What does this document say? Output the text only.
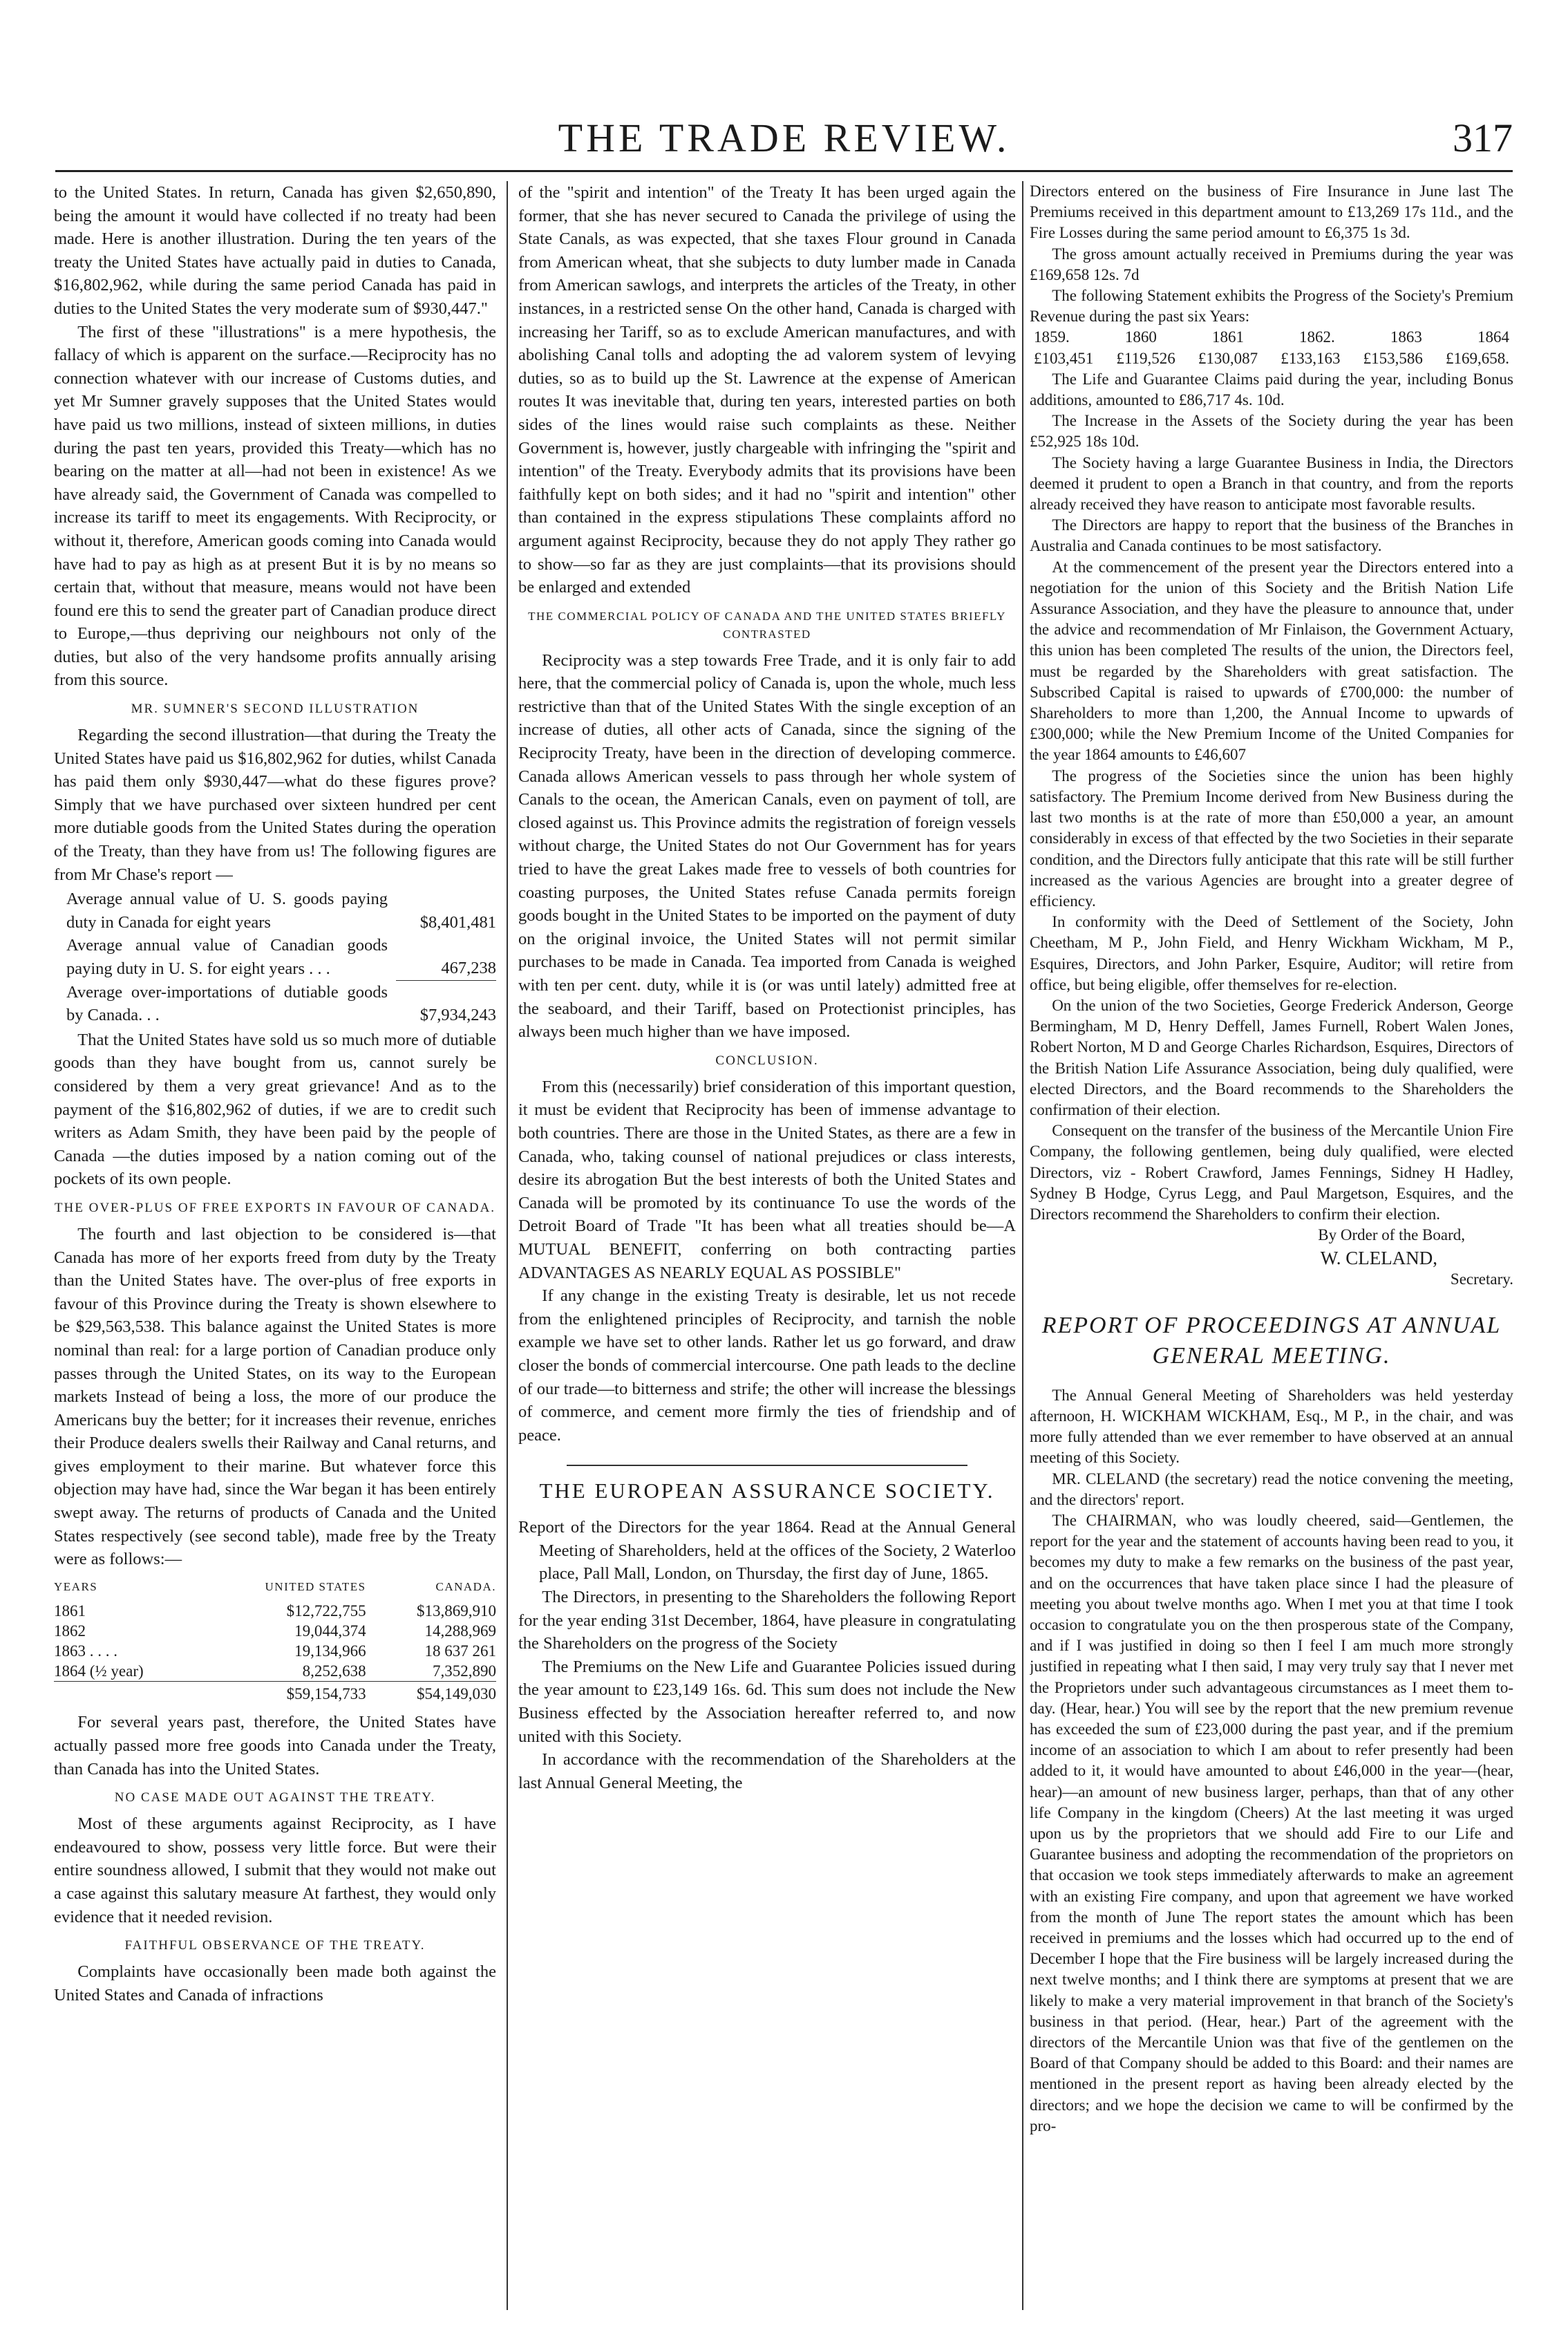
THE TRADE REVIEW.	317

to the United States. In return, Canada has given $2,650,890, being the amount it would have collected if no treaty had been made. Here is another illustration. During the ten years of the treaty the United States have actually paid in duties to Canada, $16,802,962, while during the same period Canada has paid in duties to the United States the very moderate sum of $930,447."

The first of these "illustrations" is a mere hypothesis, the fallacy of which is apparent on the surface.—Reciprocity has no connection whatever with our increase of Customs duties, and yet Mr Sumner gravely supposes that the United States would have paid us two millions, instead of sixteen millions, in duties during the past ten years, provided this Treaty—which has no bearing on the matter at all—had not been in existence! As we have already said, the Government of Canada was compelled to increase its tariff to meet its engagements. With Reciprocity, or without it, therefore, American goods coming into Canada would have had to pay as high as at present But it is by no means so certain that, without that measure, means would not have been found ere this to send the greater part of Canadian produce direct to Europe,—thus depriving our neighbours not only of the duties, but also of the very handsome profits annually arising from this source.

MR. SUMNER'S SECOND ILLUSTRATION

Regarding the second illustration—that during the Treaty the United States have paid us $16,802,962 for duties, whilst Canada has paid them only $930,447—what do these figures prove? Simply that we have purchased over sixteen hundred per cent more dutiable goods from the United States during the operation of the Treaty, than they have from us! The following figures are from Mr Chase's report —

Average annual value of U. S. goods paying duty in Canada for eight years	$8,401,481
Average annual value of Canadian goods paying duty in U. S. for eight years . . .	467,238
Average over-importations of dutiable goods by Canada. . .	$7,934,243

That the United States have sold us so much more of dutiable goods than they have bought from us, cannot surely be considered by them a very great grievance! And as to the payment of the $16,802,962 of duties, if we are to credit such writers as Adam Smith, they have been paid by the people of Canada —the duties imposed by a nation coming out of the pockets of its own people.

THE OVER-PLUS OF FREE EXPORTS IN FAVOUR OF CANADA.

The fourth and last objection to be considered is—that Canada has more of her exports freed from duty by the Treaty than the United States have. The over-plus of free exports in favour of this Province during the Treaty is shown elsewhere to be $29,563,538. This balance against the United States is more nominal than real: for a large portion of Canadian produce only passes through the United States, on its way to the European markets Instead of being a loss, the more of our produce the Americans buy the better; for it increases their revenue, enriches their Produce dealers swells their Railway and Canal returns, and gives employment to their marine. But whatever force this objection may have had, since the War began it has been entirely swept away. The returns of products of Canada and the United States respectively (see second table), made free by the Treaty were as follows:—

YEARS	UNITED STATES	CANADA.
1861	$12,722,755	$13,869,910
1862	19,044,374	14,288,969
1863 . . . .	19,134,966	18 637 261
1864 (½ year)	8,252,638	7,352,890
	$59,154,733	$54,149,030

For several years past, therefore, the United States have actually passed more free goods into Canada under the Treaty, than Canada has into the United States.

NO CASE MADE OUT AGAINST THE TREATY.

Most of these arguments against Reciprocity, as I have endeavoured to show, possess very little force. But were their entire soundness allowed, I submit that they would not make out a case against this salutary measure At farthest, they would only evidence that it needed revision.

FAITHFUL OBSERVANCE OF THE TREATY.

Complaints have occasionally been made both against the United States and Canada of infractions

of the "spirit and intention" of the Treaty It has been urged again the former, that she has never secured to Canada the privilege of using the State Canals, as was expected, that she taxes Flour ground in Canada from American wheat, that she subjects to duty lumber made in Canada from American sawlogs, and interprets the articles of the Treaty, in other instances, in a restricted sense On the other hand, Canada is charged with increasing her Tariff, so as to exclude American manufactures, and with abolishing Canal tolls and adopting the ad valorem system of levying duties, so as to build up the St. Lawrence at the expense of American routes It was inevitable that, during ten years, interested parties on both sides of the lines would raise such complaints as these. Neither Government is, however, justly chargeable with infringing the "spirit and intention" of the Treaty. Everybody admits that its provisions have been faithfully kept on both sides; and it had no "spirit and intention" other than contained in the express stipulations These complaints afford no argument against Reciprocity, because they do not apply They rather go to show—so far as they are just complaints—that its provisions should be enlarged and extended

THE COMMERCIAL POLICY OF CANADA AND THE UNITED STATES BRIEFLY CONTRASTED

Reciprocity was a step towards Free Trade, and it is only fair to add here, that the commercial policy of Canada is, upon the whole, much less restrictive than that of the United States With the single exception of an increase of duties, all other acts of Canada, since the signing of the Reciprocity Treaty, have been in the direction of developing commerce. Canada allows American vessels to pass through her whole system of Canals to the ocean, the American Canals, even on payment of toll, are closed against us. This Province admits the registration of foreign vessels without charge, the United States do not Our Government has for years tried to have the great Lakes made free to vessels of both countries for coasting purposes, the United States refuse Canada permits foreign goods bought in the United States to be imported on the payment of duty on the original invoice, the United States will not permit similar purchases to be made in Canada. Tea imported from Canada is weighed with ten per cent. duty, while it is (or was until lately) admitted free at the seaboard, and their Tariff, based on Protectionist principles, has always been much higher than we have imposed.

CONCLUSION.

From this (necessarily) brief consideration of this important question, it must be evident that Reciprocity has been of immense advantage to both countries. There are those in the United States, as there are a few in Canada, who, taking counsel of national prejudices or class interests, desire its abrogation But the best interests of both the United States and Canada will be promoted by its continuance To use the words of the Detroit Board of Trade "It has been what all treaties should be—A MUTUAL BENEFIT, conferring on both contracting parties ADVANTAGES AS NEARLY EQUAL AS POSSIBLE"

If any change in the existing Treaty is desirable, let us not recede from the enlightened principles of Reciprocity, and tarnish the noble example we have set to other lands. Rather let us go forward, and draw closer the bonds of commercial intercourse. One path leads to the decline of our trade—to bitterness and strife; the other will increase the blessings of commerce, and cement more firmly the ties of friendship and of peace.

THE EUROPEAN ASSURANCE SOCIETY.

Report of the Directors for the year 1864. Read at the Annual General Meeting of Shareholders, held at the offices of the Society, 2 Waterloo place, Pall Mall, London, on Thursday, the first day of June, 1865.

The Directors, in presenting to the Shareholders the following Report for the year ending 31st December, 1864, have pleasure in congratulating the Shareholders on the progress of the Society

The Premiums on the New Life and Guarantee Policies issued during the year amount to £23,149 16s. 6d. This sum does not include the New Business effected by the Association hereafter referred to, and now united with this Society.

In accordance with the recommendation of the Shareholders at the last Annual General Meeting, the

Directors entered on the business of Fire Insurance in June last The Premiums received in this department amount to £13,269 17s 11d., and the Fire Losses during the same period amount to £6,375 1s 3d.

The gross amount actually received in Premiums during the year was £169,658 12s. 7d

The following Statement exhibits the Progress of the Society's Premium Revenue during the past six Years:

1859.	1860	1861	1862.	1863	1864
£103,451 £119,526 £130,087 £133,163 £153,586 £169,658.

The Life and Guarantee Claims paid during the year, including Bonus additions, amounted to £86,717 4s. 10d.

The Increase in the Assets of the Society during the year has been £52,925 18s 10d.

The Society having a large Guarantee Business in India, the Directors deemed it prudent to open a Branch in that country, and from the reports already received they have reason to anticipate most favorable results.

The Directors are happy to report that the business of the Branches in Australia and Canada continues to be most satisfactory.

At the commencement of the present year the Directors entered into a negotiation for the union of this Society and the British Nation Life Assurance Association, and they have the pleasure to announce that, under the advice and recommendation of Mr Finlaison, the Government Actuary, this union has been completed The results of the union, the Directors feel, must be regarded by the Shareholders with great satisfaction. The Subscribed Capital is raised to upwards of £700,000: the number of Shareholders to more than 1,200, the Annual Income to upwards of £300,000; while the New Premium Income of the United Companies for the year 1864 amounts to £46,607

The progress of the Societies since the union has been highly satisfactory. The Premium Income derived from New Business during the last two months is at the rate of more than £50,000 a year, an amount considerably in excess of that effected by the two Societies in their separate condition, and the Directors fully anticipate that this rate will be still further increased as the various Agencies are brought into a greater degree of efficiency.

In conformity with the Deed of Settlement of the Society, John Cheetham, M P., John Field, and Henry Wickham Wickham, M P., Esquires, Directors, and John Parker, Esquire, Auditor; will retire from office, but being eligible, offer themselves for re-election.

On the union of the two Societies, George Frederick Anderson, George Bermingham, M D, Henry Deffell, James Furnell, Robert Walen Jones, Robert Norton, M D and George Charles Richardson, Esquires, Directors of the British Nation Life Assurance Association, being duly qualified, were elected Directors, and the Board recommends to the Shareholders the confirmation of their election.

Consequent on the transfer of the business of the Mercantile Union Fire Company, the following gentlemen, being duly qualified, were elected Directors, viz - Robert Crawford, James Fennings, Sidney H Hadley, Sydney B Hodge, Cyrus Legg, and Paul Margetson, Esquires, and the Directors recommend the Shareholders to confirm their election.

By Order of the Board,

W. CLELAND,

Secretary.

REPORT OF PROCEEDINGS AT ANNUAL GENERAL MEETING.

The Annual General Meeting of Shareholders was held yesterday afternoon, H. WICKHAM WICKHAM, Esq., M P., in the chair, and was more fully attended than we ever remember to have observed at an annual meeting of this Society.

MR. CLELAND (the secretary) read the notice convening the meeting, and the directors' report.

The CHAIRMAN, who was loudly cheered, said—Gentlemen, the report for the year and the statement of accounts having been read to you, it becomes my duty to make a few remarks on the business of the past year, and on the occurrences that have taken place since I had the pleasure of meeting you about twelve months ago. When I met you at that time I took occasion to congratulate you on the then prosperous state of the Company, and if I was justified in doing so then I feel I am much more strongly justified in repeating what I then said, I may very truly say that I never met the Proprietors under such advantageous circumstances as I meet them to-day. (Hear, hear.) You will see by the report that the new premium revenue has exceeded the sum of £23,000 during the past year, and if the premium income of an association to which I am about to refer presently had been added to it, it would have amounted to about £46,000 in the year—(hear, hear)—an amount of new business larger, perhaps, than that of any other life Company in the kingdom (Cheers) At the last meeting it was urged upon us by the proprietors that we should add Fire to our Life and Guarantee business and adopting the recommendation of the proprietors on that occasion we took steps immediately afterwards to make an agreement with an existing Fire company, and upon that agreement we have worked from the month of June The report states the amount which has been received in premiums and the losses which had occurred up to the end of December I hope that the Fire business will be largely increased during the next twelve months; and I think there are symptoms at present that we are likely to make a very material improvement in that branch of the Society's business in that period. (Hear, hear.) Part of the agreement with the directors of the Mercantile Union was that five of the gentlemen on the Board of that Company should be added to this Board: and their names are mentioned in the present report as having been already elected by the directors; and we hope the decision we came to will be confirmed by the pro-
